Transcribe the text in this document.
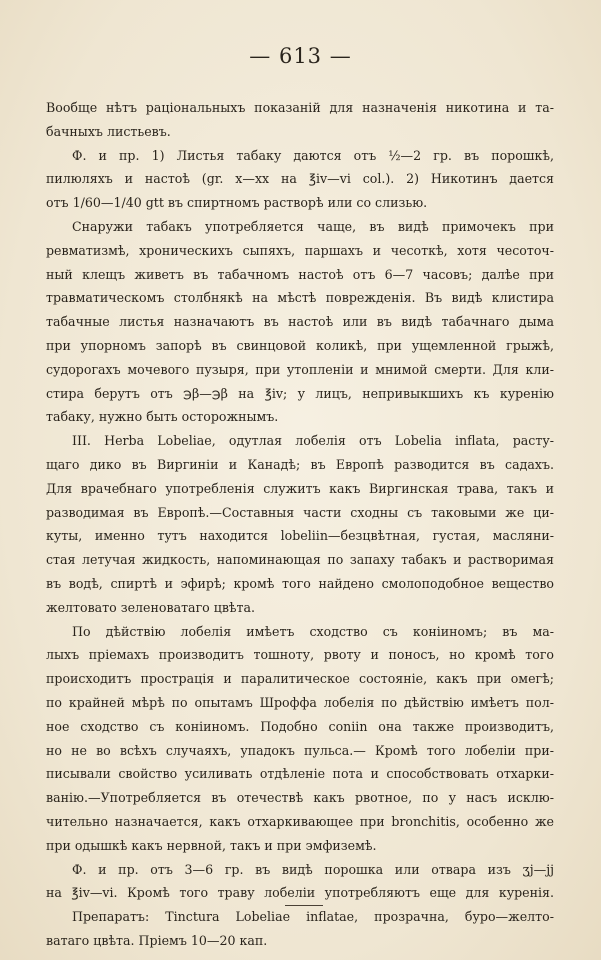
— 613 —
Вообще нѣтъ раціональныхъ показаній для назначенія никотина и та-
бачныхъ листьевъ.
Ф. и пр. 1) Листья табаку даются отъ ½—2 гр. въ порошкѣ,
пилюляхъ и настоѣ (gr. x—xx на ℥iv—vi col.). 2) Никотинъ дается
отъ 1/60—1/40 gtt въ спиртномъ растворѣ или со слизью.
Снаружи табакъ употребляется чаще, въ видѣ примочекъ при
ревматизмѣ, хроническихъ сыпяхъ, паршахъ и чесоткѣ, хотя чесоточ-
ный клещъ живетъ въ табачномъ настоѣ отъ 6—7 часовъ; далѣе при
травматическомъ столбнякѣ на мѣстѣ поврежденія. Въ видѣ клистира
табачные листья назначаютъ въ настоѣ или въ видѣ табачнаго дыма
при упорномъ запорѣ въ свинцовой коликѣ, при ущемленной грыжѣ,
судорогахъ мочевого пузыря, при утопленіи и мнимой смерти. Для кли-
стира берутъ отъ ℈β—℈β на ℥iv; у лицъ, непривыкшихъ къ куренію
табаку, нужно быть осторожнымъ.
III. Herba Lobeliae, одутлая лобелія отъ Lobelia inflata, расту-
щаго дико въ Виргиніи и Канадѣ; въ Европѣ разводится въ садахъ.
Для врачебнаго употребленія служитъ какъ Виргинская трава, такъ и
разводимая въ Европѣ.—Составныя части сходны съ таковыми же ци-
куты, именно тутъ находится lobeliin—безцвѣтная, густая, масляни-
стая летучая жидкость, напоминающая по запаху табакъ и растворимая
въ водѣ, спиртѣ и эфирѣ; кромѣ того найдено смолоподобное вещество
желтовато зеленоватаго цвѣта.
По дѣйствію лобелія имѣетъ сходство съ коніиномъ; въ ма-
лыхъ пріемахъ производитъ тошноту, рвоту и поносъ, но кромѣ того
происходитъ прострація и паралитическое состояніе, какъ при омегѣ;
по крайней мѣрѣ по опытамъ Шроффа лобелія по дѣйствію имѣетъ пол-
ное сходство съ коніиномъ. Подобно coniin она также производитъ,
но не во всѣхъ случаяхъ, упадокъ пульса.— Кромѣ того лобеліи при-
писывали свойство усиливать отдѣленіе пота и способствовать отхарки-
ванію.—Употребляется въ отечествѣ какъ рвотное, по у насъ исклю-
чительно назначается, какъ отхаркивающее при bronchitis, особенно же
при одышкѣ какъ нервной, такъ и при эмфиземѣ.
Ф. и пр. отъ 3—6 гр. въ видѣ порошка или отвара изъ ʒj—jj
на ℥iv—vi. Кромѣ того траву лобеліи употребляютъ еще для куренія.
Препаратъ: Tinctura Lobeliae inflatae, прозрачна, буро—желто-
ватаго цвѣта. Пріемъ 10—20 кап.
